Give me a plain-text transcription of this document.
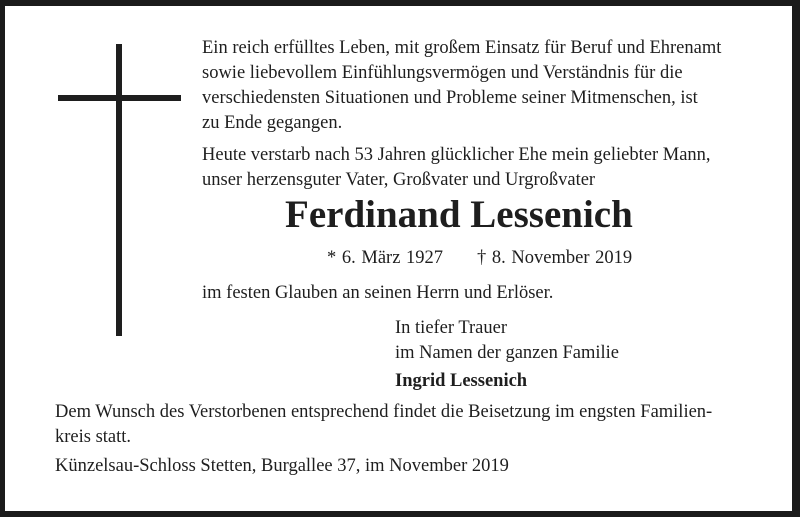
Ein reich erfülltes Leben, mit großem Einsatz für Beruf und Ehrenamt
sowie liebevollem Einfühlungsvermögen und Verständnis für die
verschiedensten Situationen und Probleme seiner Mitmenschen, ist
zu Ende gegangen.
Heute verstarb nach 53 Jahren glücklicher Ehe mein geliebter Mann,
unser herzensguter Vater, Großvater und Urgroßvater
Ferdinand Lessenich
* 6. März 1927 † 8. November 2019
im festen Glauben an seinen Herrn und Erlöser.
In tiefer Trauer
im Namen der ganzen Familie
Ingrid Lessenich
Dem Wunsch des Verstorbenen entsprechend findet die Beisetzung im engsten Familien-
kreis statt.
Künzelsau-Schloss Stetten, Burgallee 37, im November 2019
